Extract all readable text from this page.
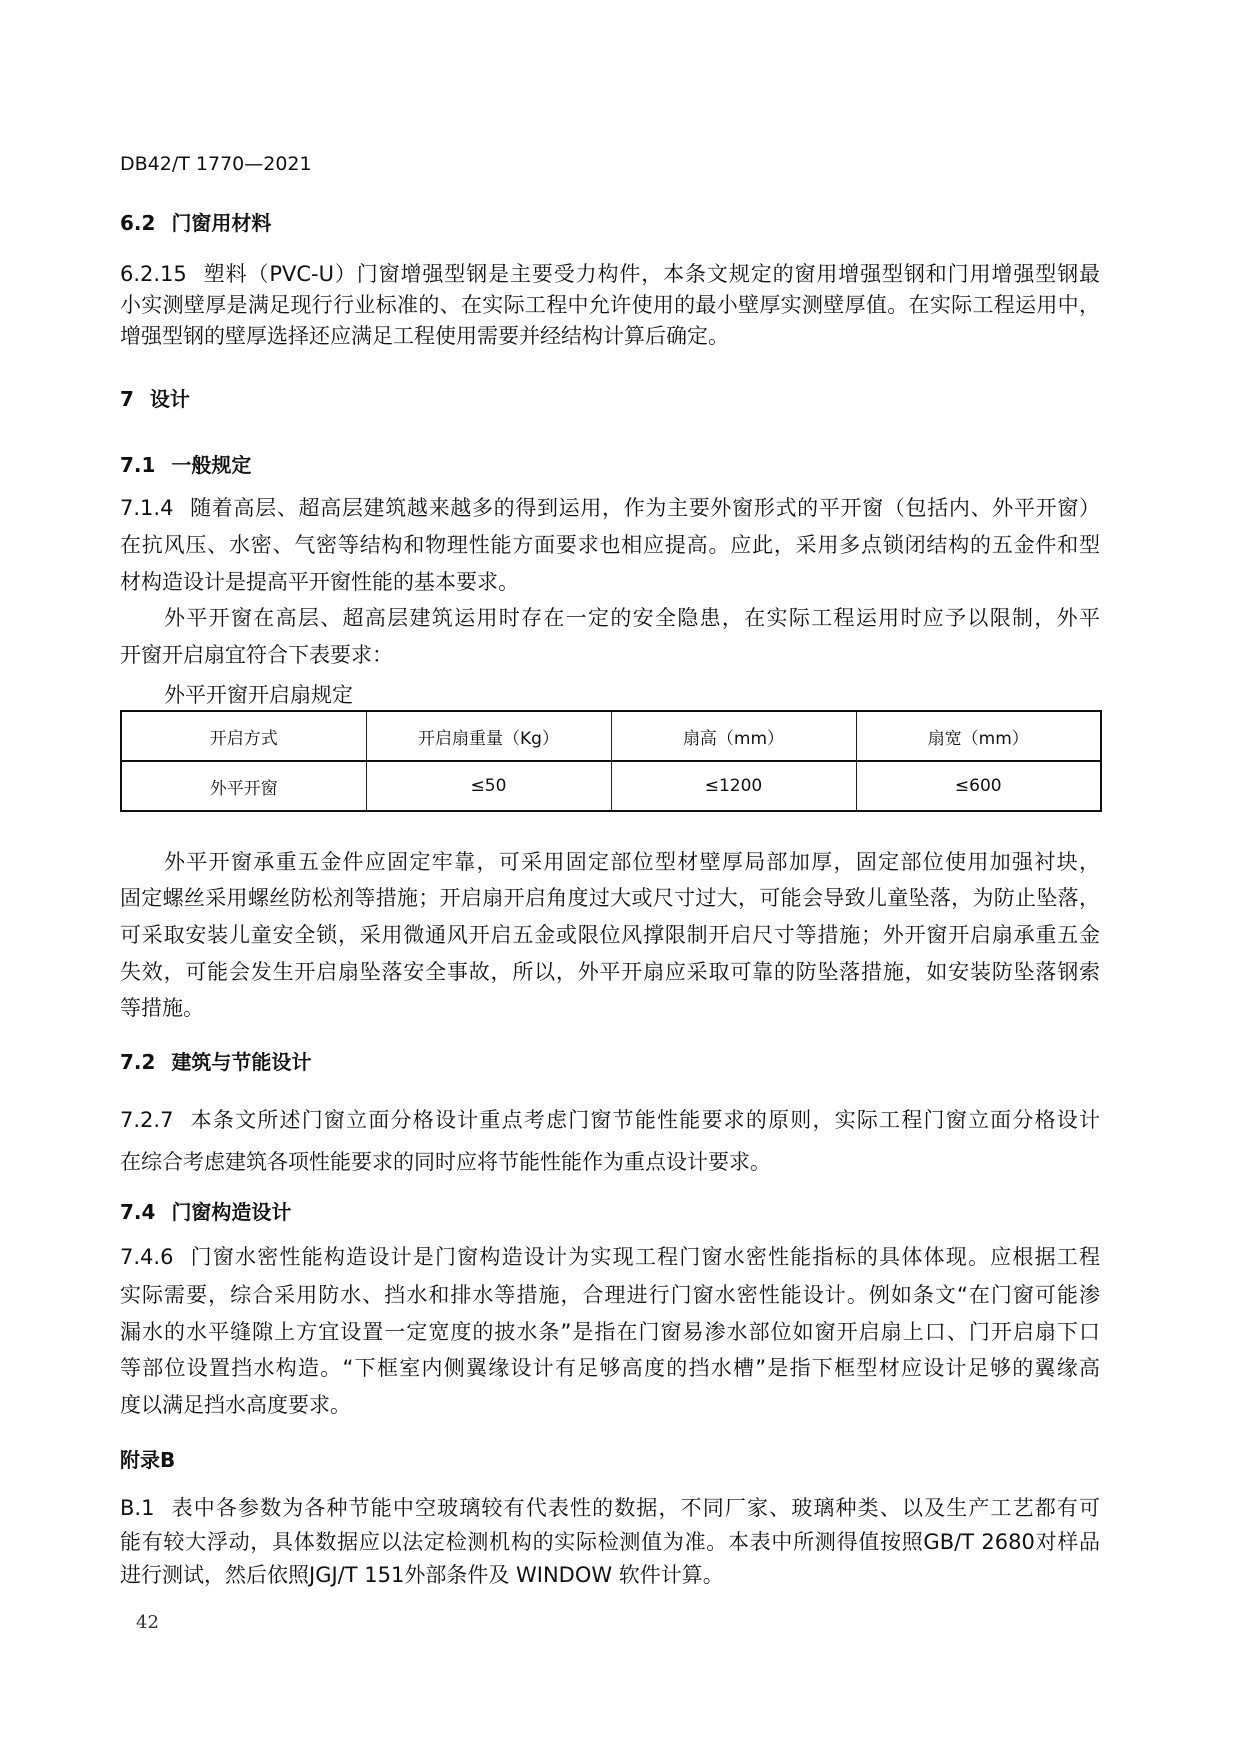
DB42/T 1770—2021
6.2 门窗用材料
6.2.15 塑料（PVC-U）门窗增强型钢是主要受力构件，本条文规定的窗用增强型钢和门用增强型钢最
小实测壁厚是满足现行行业标准的、在实际工程中允许使用的最小壁厚实测壁厚值。在实际工程运用中，
增强型钢的壁厚选择还应满足工程使用需要并经结构计算后确定。
7 设计
7.1 一般规定
7.1.4 随着高层、超高层建筑越来越多的得到运用，作为主要外窗形式的平开窗（包括内、外平开窗）
在抗风压、水密、气密等结构和物理性能方面要求也相应提高。应此，采用多点锁闭结构的五金件和型
材构造设计是提高平开窗性能的基本要求。
外平开窗在高层、超高层建筑运用时存在一定的安全隐患，在实际工程运用时应予以限制，外平
开窗开启扇宜符合下表要求：
外平开窗开启扇规定
开启方式	开启扇重量（Kg）	扇高（mm）	扇宽（mm）
外平开窗	≤50	≤1200	≤600
外平开窗承重五金件应固定牢靠，可采用固定部位型材壁厚局部加厚，固定部位使用加强衬块，
固定螺丝采用螺丝防松剂等措施；开启扇开启角度过大或尺寸过大，可能会导致儿童坠落，为防止坠落，
可采取安装儿童安全锁，采用微通风开启五金或限位风撑限制开启尺寸等措施；外开窗开启扇承重五金
失效，可能会发生开启扇坠落安全事故，所以，外平开扇应采取可靠的防坠落措施，如安装防坠落钢索
等措施。
7.2 建筑与节能设计
7.2.7 本条文所述门窗立面分格设计重点考虑门窗节能性能要求的原则，实际工程门窗立面分格设计
在综合考虑建筑各项性能要求的同时应将节能性能作为重点设计要求。
7.4 门窗构造设计
7.4.6 门窗水密性能构造设计是门窗构造设计为实现工程门窗水密性能指标的具体体现。应根据工程
实际需要，综合采用防水、挡水和排水等措施，合理进行门窗水密性能设计。例如条文“在门窗可能渗
漏水的水平缝隙上方宜设置一定宽度的披水条”是指在门窗易渗水部位如窗开启扇上口、门开启扇下口
等部位设置挡水构造。“下框室内侧翼缘设计有足够高度的挡水槽”是指下框型材应设计足够的翼缘高
度以满足挡水高度要求。
附录B
B.1 表中各参数为各种节能中空玻璃较有代表性的数据，不同厂家、玻璃种类、以及生产工艺都有可
能有较大浮动，具体数据应以法定检测机构的实际检测值为准。本表中所测得值按照GB/T 2680对样品
进行测试，然后依照JGJ/T 151外部条件及 WINDOW 软件计算。
42
